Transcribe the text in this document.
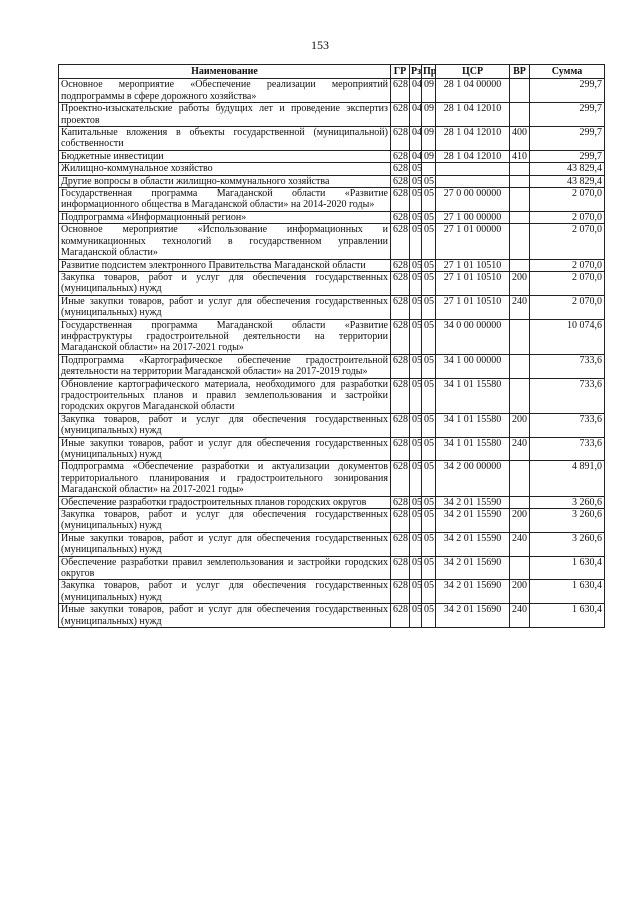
153
Наименование	ГР	Рз	Пр	ЦСР	ВР	Сумма
Основное мероприятие «Обеспечение реализации мероприятий подпрограммы в сфере дорожного хозяйства»	628	04	09	28 1 04 00000		299,7
Проектно-изыскательские работы будущих лет и проведение экспертиз проектов	628	04	09	28 1 04 12010		299,7
Капитальные вложения в объекты государственной (муниципальной) собственности	628	04	09	28 1 04 12010	400	299,7
Бюджетные инвестиции	628	04	09	28 1 04 12010	410	299,7
Жилищно-коммунальное хозяйство	628	05				43 829,4
Другие вопросы в области жилищно-коммунального хозяйства	628	05	05			43 829,4
Государственная программа Магаданской области «Развитие информационного общества в Магаданской области» на 2014-2020 годы»	628	05	05	27 0 00 00000		2 070,0
Подпрограмма «Информационный регион»	628	05	05	27 1 00 00000		2 070,0
Основное мероприятие «Использование информационных и коммуникационных технологий в государственном управлении Магаданской области»	628	05	05	27 1 01 00000		2 070,0
Развитие подсистем электронного Правительства Магаданской области	628	05	05	27 1 01 10510		2 070,0
Закупка товаров, работ и услуг для обеспечения государственных (муниципальных) нужд	628	05	05	27 1 01 10510	200	2 070,0
Иные закупки товаров, работ и услуг для обеспечения государственных (муниципальных) нужд	628	05	05	27 1 01 10510	240	2 070,0
Государственная программа Магаданской области «Развитие инфраструктуры градостроительной деятельности на территории Магаданской области» на 2017-2021 годы»	628	05	05	34 0 00 00000		10 074,6
Подпрограмма «Картографическое обеспечение градостроительной деятельности на территории Магаданской области» на 2017-2019 годы»	628	05	05	34 1 00 00000		733,6
Обновление картографического материала, необходимого для разработки градостроительных планов и правил землепользования и застройки городских округов Магаданской области	628	05	05	34 1 01 15580		733,6
Закупка товаров, работ и услуг для обеспечения государственных (муниципальных) нужд	628	05	05	34 1 01 15580	200	733,6
Иные закупки товаров, работ и услуг для обеспечения государственных (муниципальных) нужд	628	05	05	34 1 01 15580	240	733,6
Подпрограмма «Обеспечение разработки и актуализации документов территориального планирования и градостроительного зонирования Магаданской области» на 2017-2021 годы»	628	05	05	34 2 00 00000		4 891,0
Обеспечение разработки градостроительных планов городских округов	628	05	05	34 2 01 15590		3 260,6
Закупка товаров, работ и услуг для обеспечения государственных (муниципальных) нужд	628	05	05	34 2 01 15590	200	3 260,6
Иные закупки товаров, работ и услуг для обеспечения государственных (муниципальных) нужд	628	05	05	34 2 01 15590	240	3 260,6
Обеспечение разработки правил землепользования и застройки городских округов	628	05	05	34 2 01 15690		1 630,4
Закупка товаров, работ и услуг для обеспечения государственных (муниципальных) нужд	628	05	05	34 2 01 15690	200	1 630,4
Иные закупки товаров, работ и услуг для обеспечения государственных (муниципальных) нужд	628	05	05	34 2 01 15690	240	1 630,4
